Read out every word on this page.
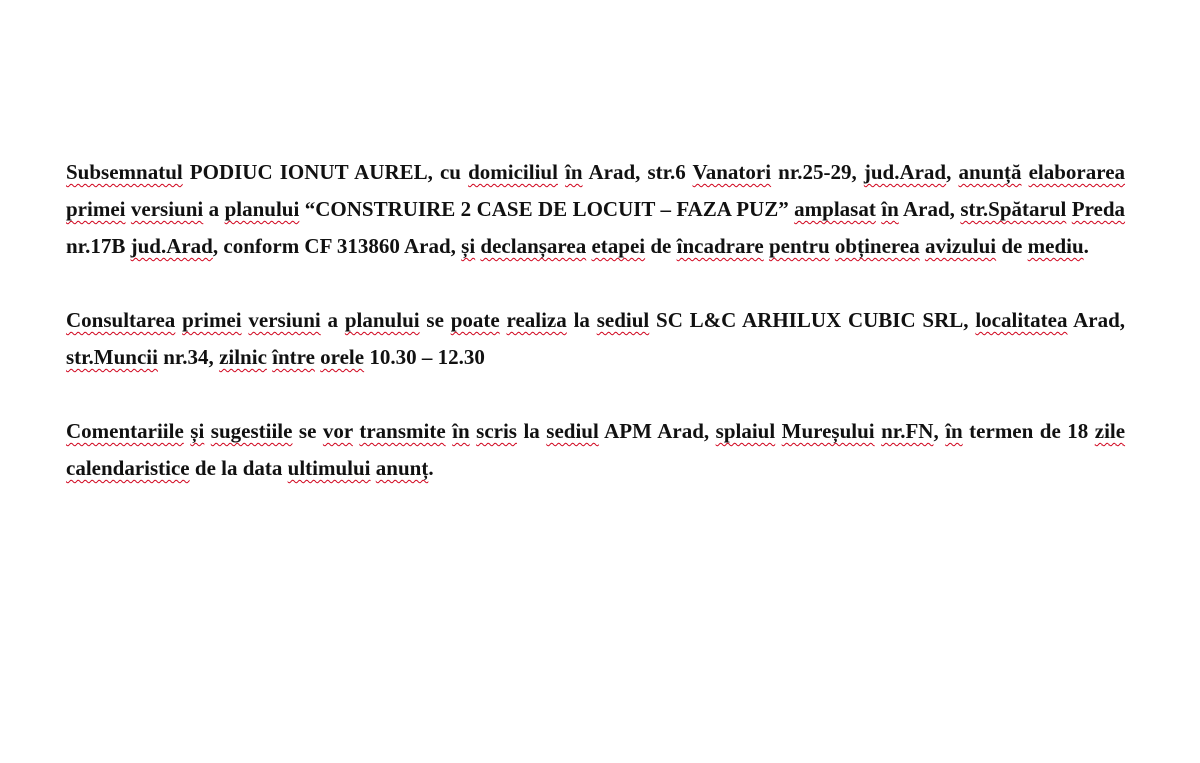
Subsemnatul PODIUC IONUT AUREL, cu domiciliul în Arad, str.6 Vanatori nr.25-29, jud.Arad, anunță elaborarea primei versiuni a planului “CONSTRUIRE 2 CASE DE LOCUIT – FAZA PUZ” amplasat în Arad, str.Spătarul Preda nr.17B jud.Arad, conform CF 313860 Arad, și declanșarea etapei de încadrare pentru obținerea avizului de mediu.

Consultarea primei versiuni a planului se poate realiza la sediul SC L&C ARHILUX CUBIC SRL, localitatea Arad, str.Muncii nr.34, zilnic între orele 10.30 – 12.30

Comentariile și sugestiile se vor transmite în scris la sediul APM Arad, splaiul Mureșului nr.FN, în termen de 18 zile calendaristice de la data ultimului anunț.
